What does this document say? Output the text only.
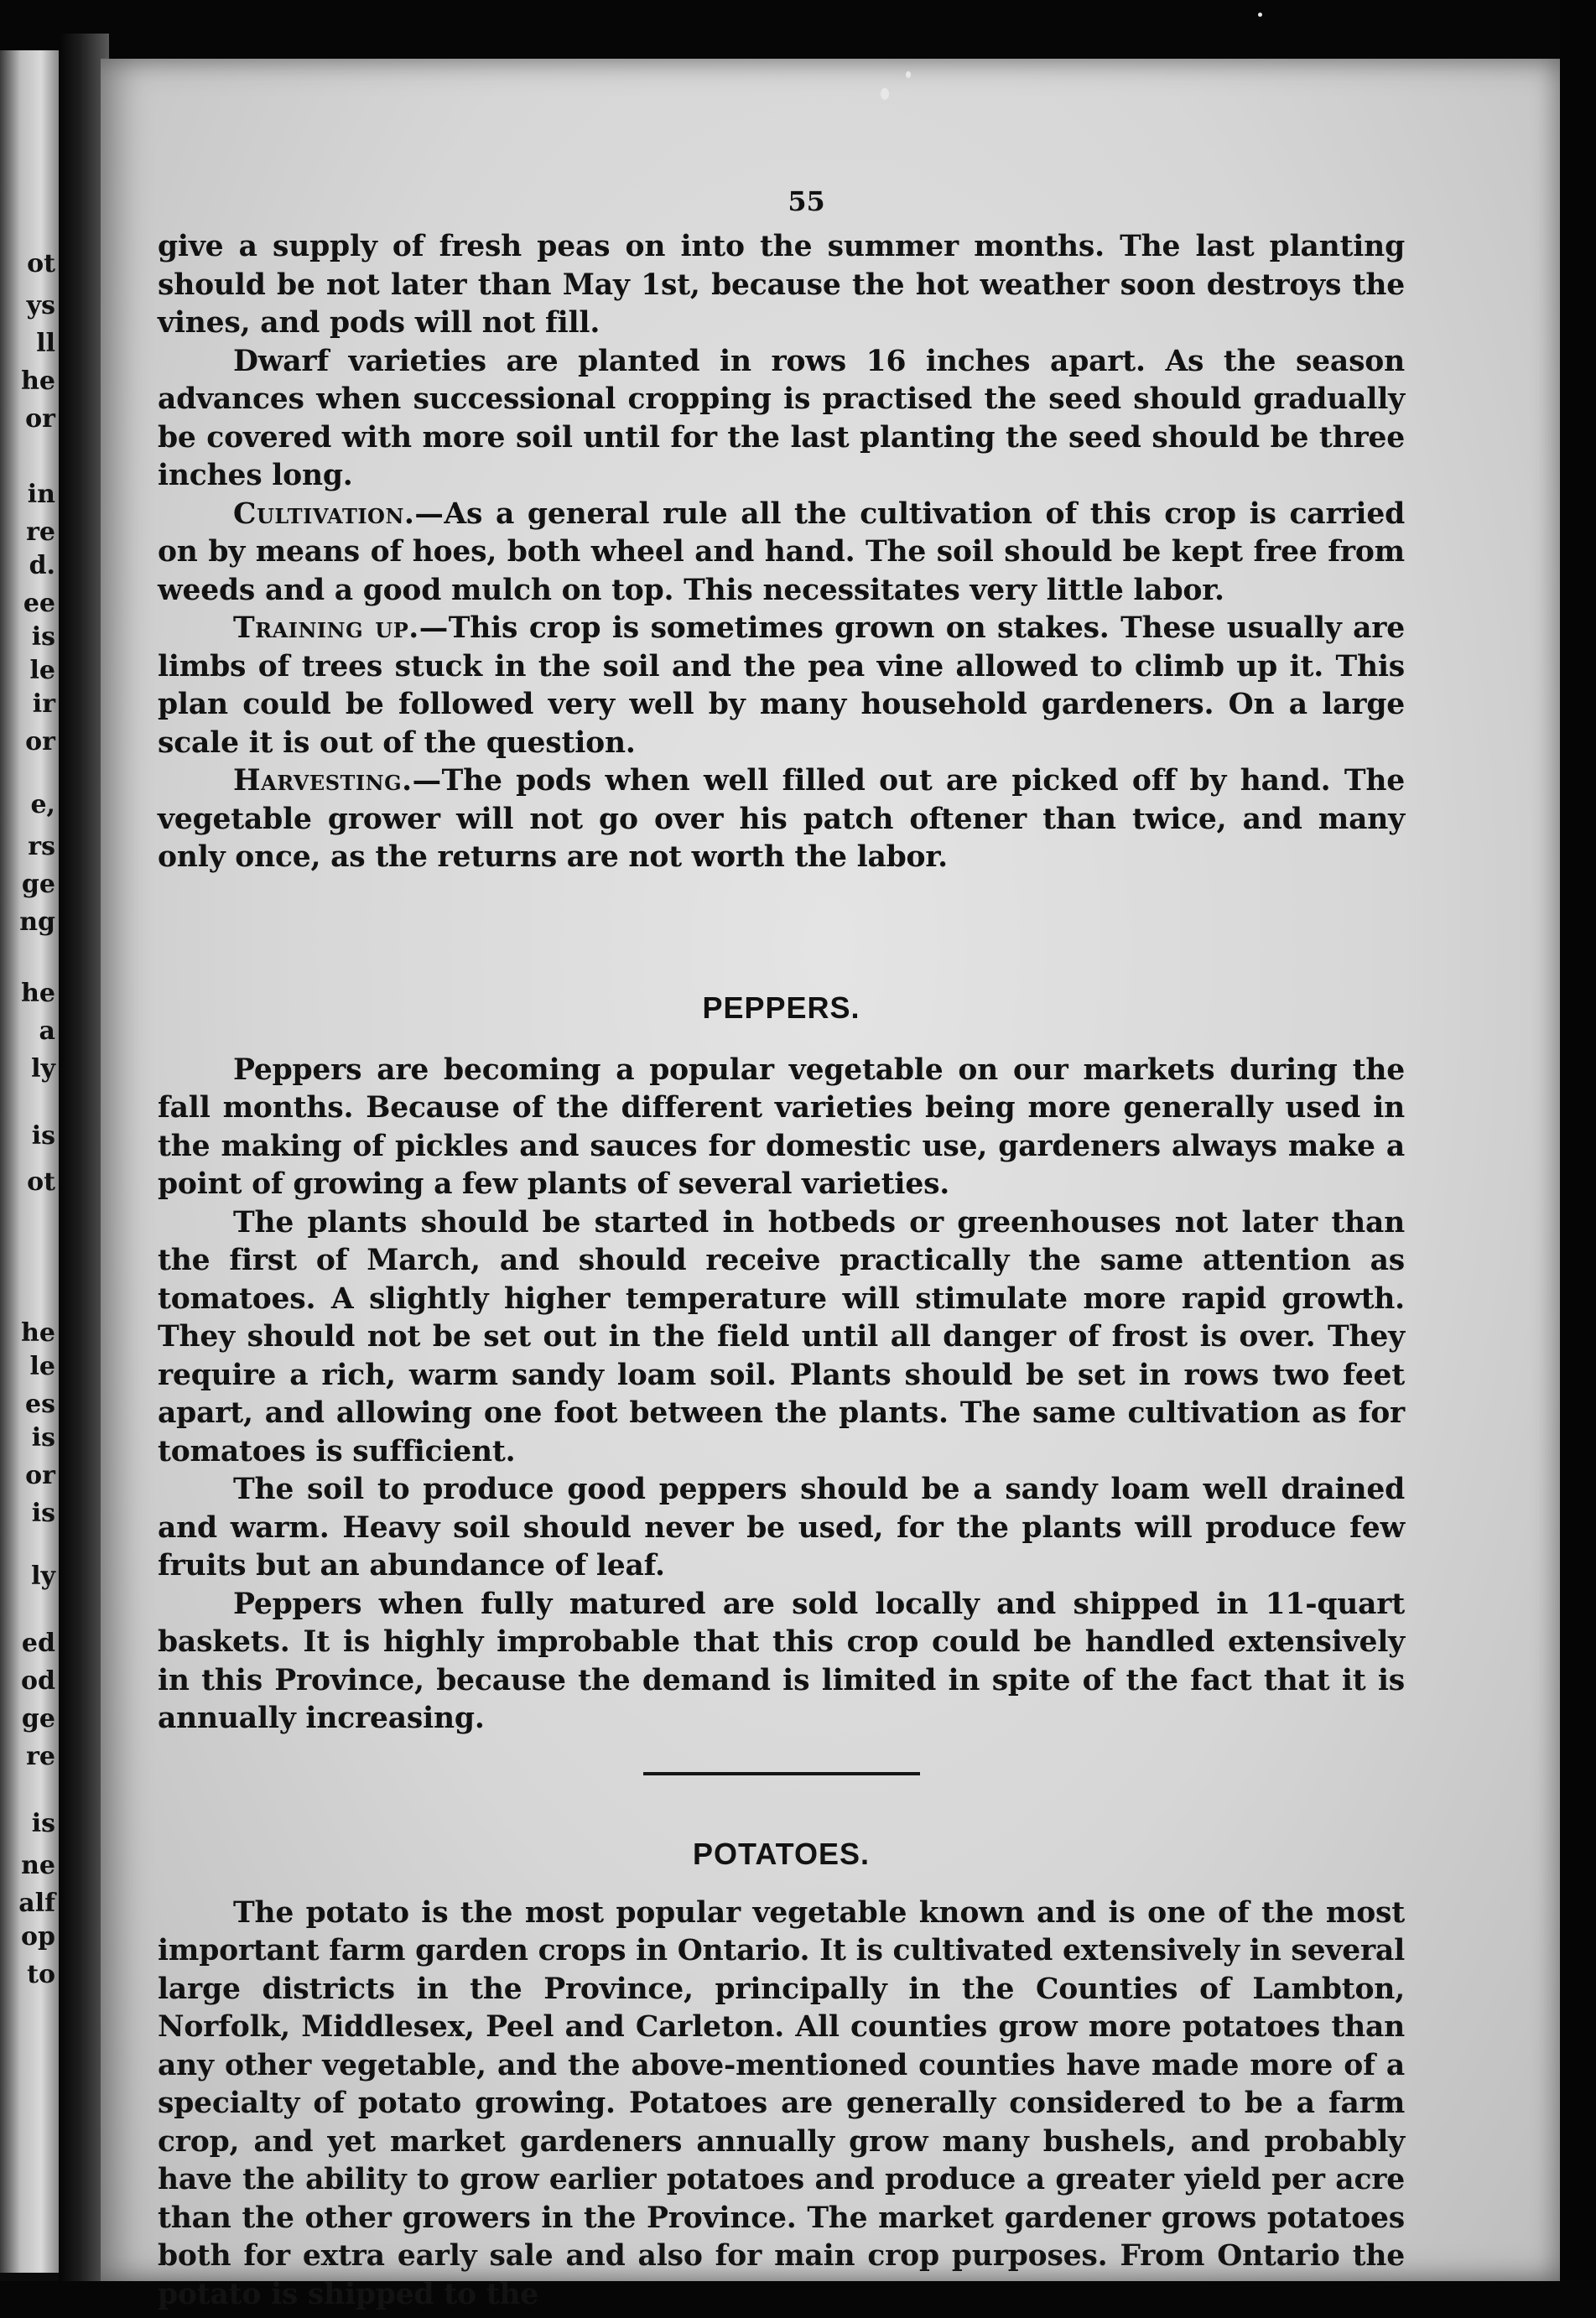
ot
ys
ll
he
or
in
re
d.
ee
is
le
ir
or
e,
rs
ge
ng
he
a
ly
is
ot
he
le
es
is
or
is
ly
ed
od
ge
re
is
ne
alf
op
to
55

give a supply of fresh peas on into the summer months. The last planting should be not later than May 1st, because the hot weather soon destroys the vines, and pods will not fill.

Dwarf varieties are planted in rows 16 inches apart. As the season advances when successional cropping is practised the seed should gradually be covered with more soil until for the last planting the seed should be three inches long.

Cultivation.—As a general rule all the cultivation of this crop is carried on by means of hoes, both wheel and hand. The soil should be kept free from weeds and a good mulch on top. This necessitates very little labor.

Training up.—This crop is sometimes grown on stakes. These usually are limbs of trees stuck in the soil and the pea vine allowed to climb up it. This plan could be followed very well by many household gardeners. On a large scale it is out of the question.

Harvesting.—The pods when well filled out are picked off by hand. The vegetable grower will not go over his patch oftener than twice, and many only once, as the returns are not worth the labor.

PEPPERS.

Peppers are becoming a popular vegetable on our markets during the fall months. Because of the different varieties being more generally used in the making of pickles and sauces for domestic use, gardeners always make a point of growing a few plants of several varieties.

The plants should be started in hotbeds or greenhouses not later than the first of March, and should receive practically the same attention as tomatoes. A slightly higher temperature will stimulate more rapid growth. They should not be set out in the field until all danger of frost is over. They require a rich, warm sandy loam soil. Plants should be set in rows two feet apart, and allowing one foot between the plants. The same cultivation as for tomatoes is sufficient.

The soil to produce good peppers should be a sandy loam well drained and warm. Heavy soil should never be used, for the plants will produce few fruits but an abundance of leaf.

Peppers when fully matured are sold locally and shipped in 11-quart baskets. It is highly improbable that this crop could be handled extensively in this Province, because the demand is limited in spite of the fact that it is annually increasing.

POTATOES.

The potato is the most popular vegetable known and is one of the most important farm garden crops in Ontario. It is cultivated extensively in several large districts in the Province, principally in the Counties of Lambton, Norfolk, Middlesex, Peel and Carleton. All counties grow more potatoes than any other vegetable, and the above-mentioned counties have made more of a specialty of potato growing. Potatoes are generally considered to be a farm crop, and yet market gardeners annually grow many bushels, and probably have the ability to grow earlier potatoes and produce a greater yield per acre than the other growers in the Province. The market gardener grows potatoes both for extra early sale and also for main crop purposes. From Ontario the potato is shipped to the
